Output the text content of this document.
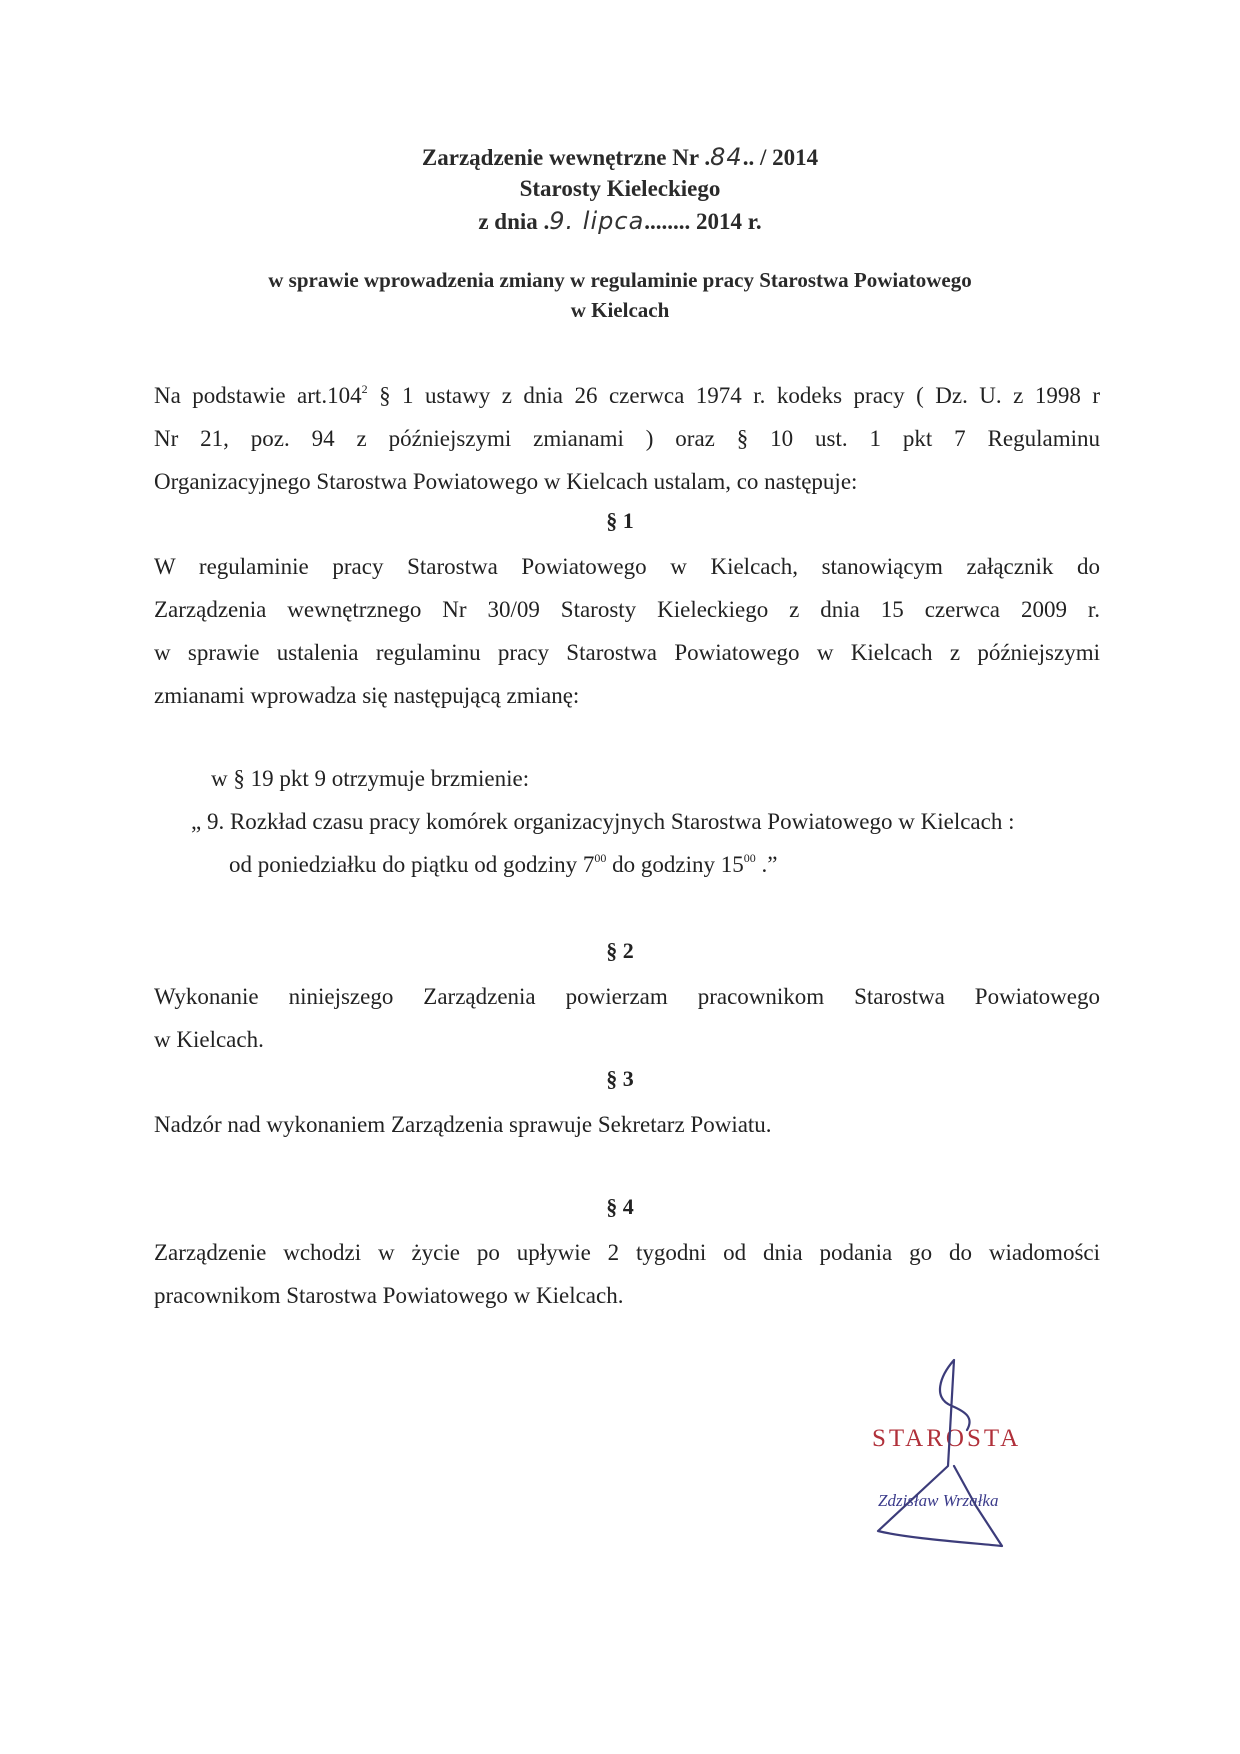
Zarządzenie wewnętrzne Nr .84.. / 2014
Starosty Kieleckiego
z dnia .9. lipca........ 2014 r.
w sprawie wprowadzenia zmiany w regulaminie pracy Starostwa Powiatowego
w Kielcach
Na podstawie art.104$^2$ § 1 ustawy z dnia 26 czerwca 1974 r. kodeks pracy ( Dz. U. z 1998 r
Nr 21, poz. 94 z późniejszymi zmianami ) oraz § 10 ust. 1 pkt 7 Regulaminu
Organizacyjnego Starostwa Powiatowego w Kielcach ustalam, co następuje:
§ 1
W regulaminie pracy Starostwa Powiatowego w Kielcach, stanowiącym załącznik do
Zarządzenia wewnętrznego Nr 30/09 Starosty Kieleckiego z dnia 15 czerwca 2009 r.
w sprawie ustalenia regulaminu pracy Starostwa Powiatowego w Kielcach z późniejszymi
zmianami wprowadza się następującą zmianę:
w § 19 pkt 9 otrzymuje brzmienie:
„ 9. Rozkład czasu pracy komórek organizacyjnych Starostwa Powiatowego w Kielcach :
od poniedziałku do piątku od godziny $7^{00}$ do godziny $15^{00}$ .”
§ 2
Wykonanie niniejszego Zarządzenia powierzam pracownikom Starostwa Powiatowego
w Kielcach.
§ 3
Nadzór nad wykonaniem Zarządzenia sprawuje Sekretarz Powiatu.
§ 4
Zarządzenie wchodzi w życie po upływie 2 tygodni od dnia podania go do wiadomości
pracownikom Starostwa Powiatowego w Kielcach.
STAROSTA
Zdzisław Wrzałka
